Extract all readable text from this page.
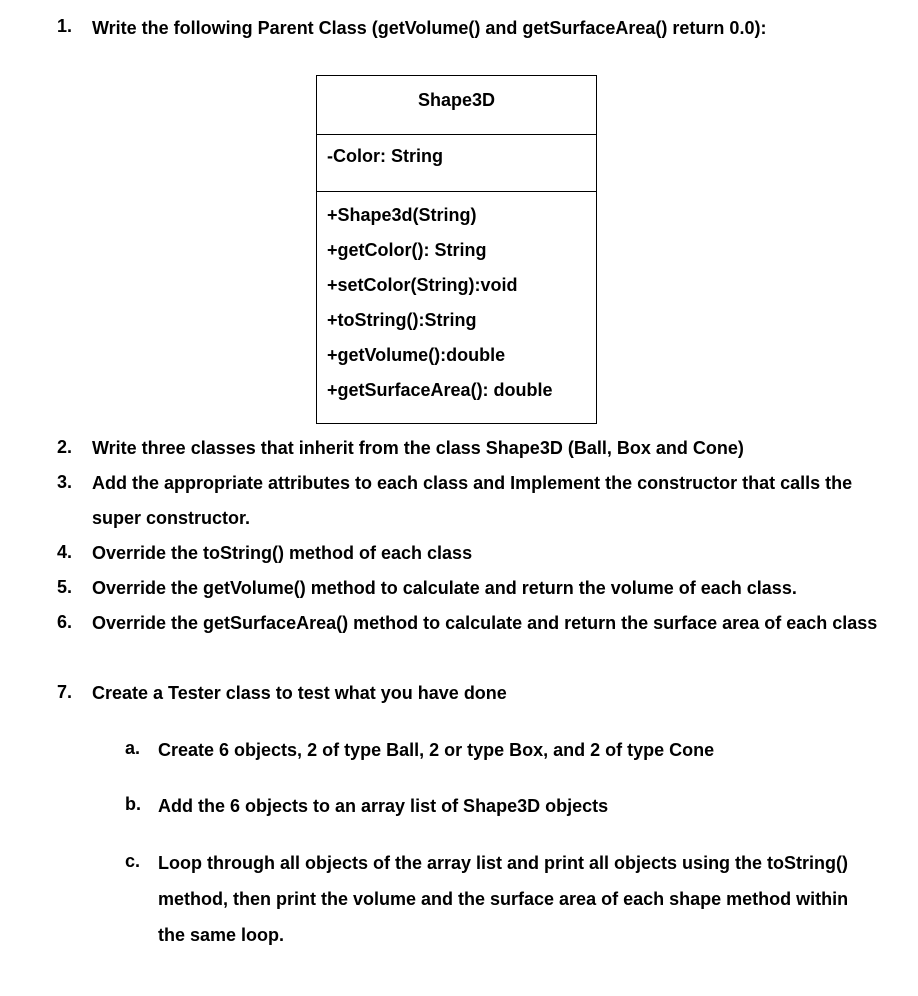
1. Write the following Parent Class (getVolume() and getSurfaceArea() return 0.0):
Shape3D
-Color: String
+Shape3d(String)
+getColor(): String
+setColor(String):void
+toString():String
+getVolume():double
+getSurfaceArea(): double
2. Write three classes that inherit from the class Shape3D (Ball, Box and Cone)
3. Add the appropriate attributes to each class and Implement the constructor that calls the super constructor.
4. Override the toString() method of each class
5. Override the getVolume() method to calculate and return the volume of each class.
6. Override the getSurfaceArea() method to calculate and return the surface area of each class
7. Create a Tester class to test what you have done
a. Create 6 objects, 2 of type Ball, 2 or type Box, and 2 of type Cone
b. Add the 6 objects to an array list of Shape3D objects
c. Loop through all objects of the array list and print all objects using the toString() method, then print the volume and the surface area of each shape method within the same loop.
